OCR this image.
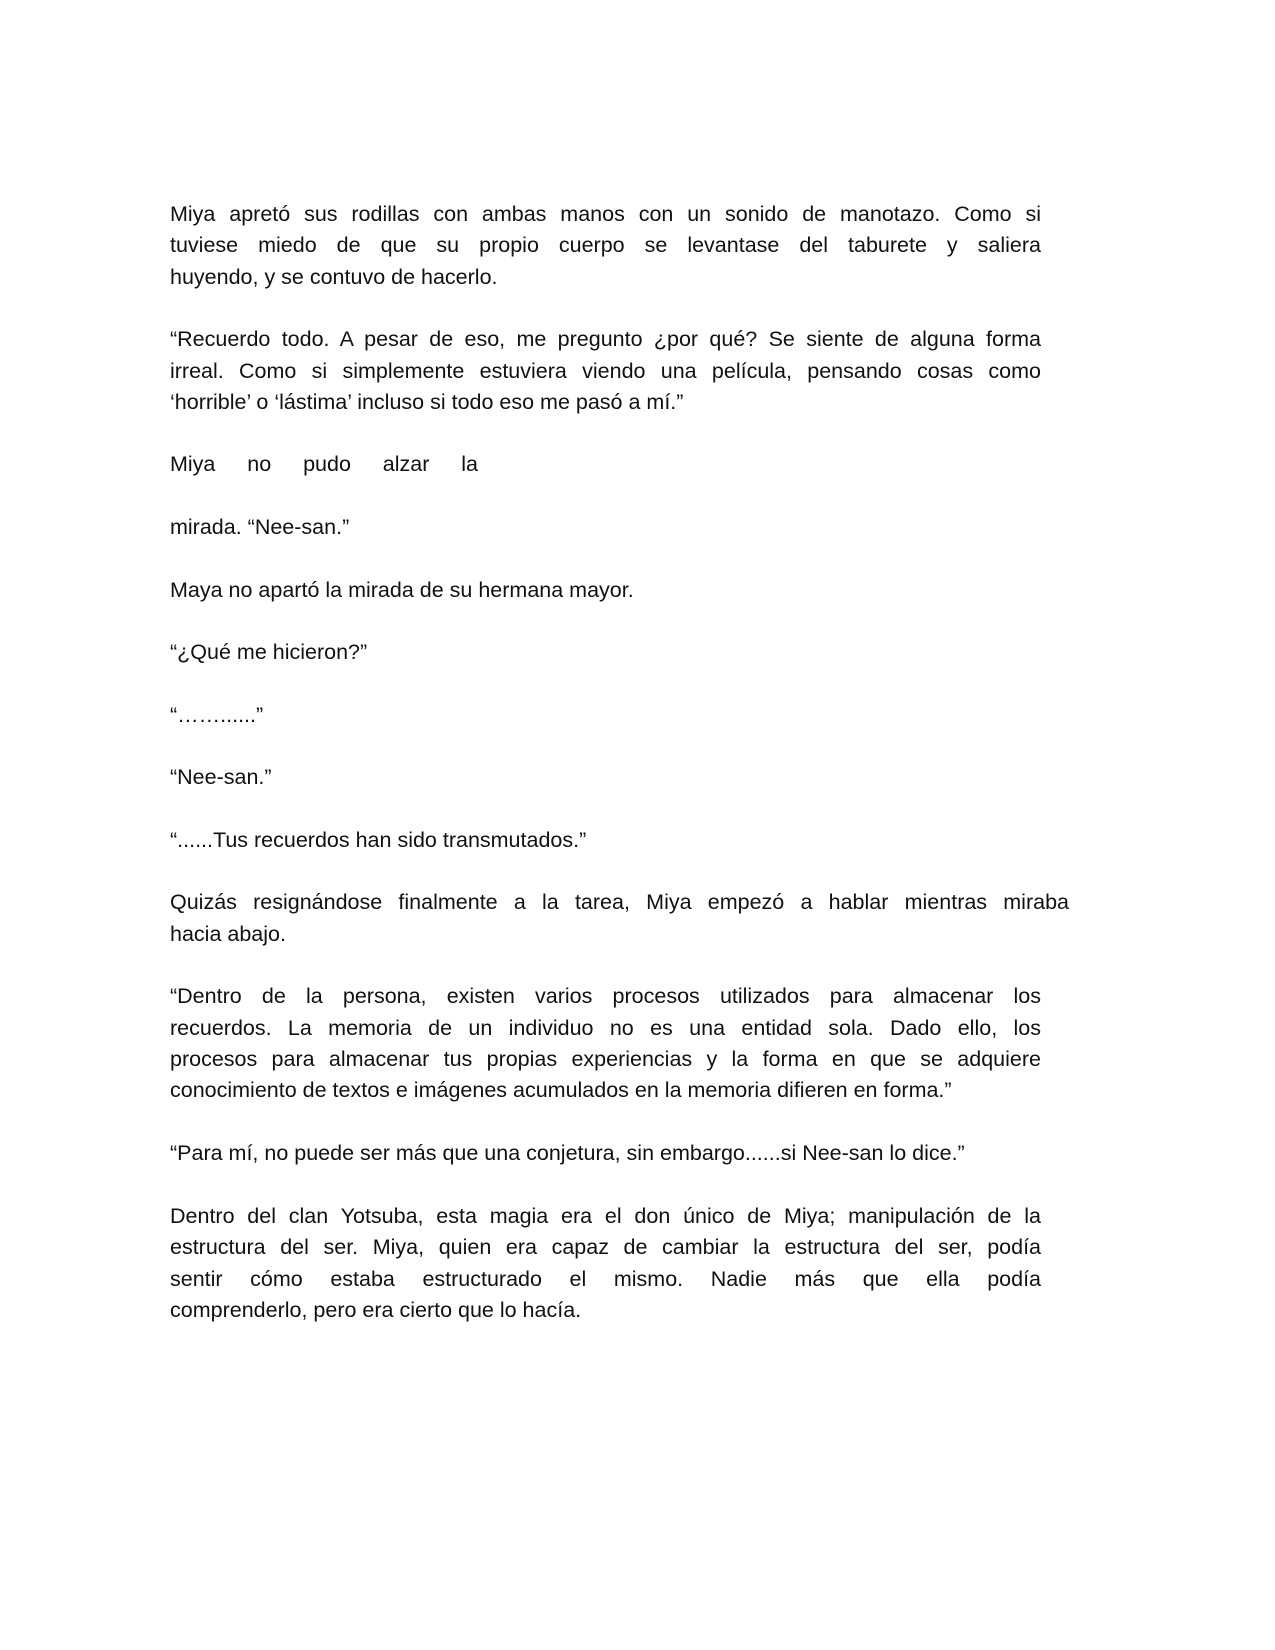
Miya apretó sus rodillas con ambas manos con un sonido de manotazo. Como si
tuviese miedo de que su propio cuerpo se levantase del taburete y saliera
huyendo, y se contuvo de hacerlo.
“Recuerdo todo. A pesar de eso, me pregunto ¿por qué? Se siente de alguna forma
irreal. Como si simplemente estuviera viendo una película, pensando cosas como
‘horrible’ o ‘lástima’ incluso si todo eso me pasó a mí.”
Miya no pudo alzar la
mirada. “Nee-san.”
Maya no apartó la mirada de su hermana mayor.
“¿Qué me hicieron?”
“……......”
“Nee-san.”
“......Tus recuerdos han sido transmutados.”
Quizás resignándose finalmente a la tarea, Miya empezó a hablar mientras miraba
hacia abajo.
“Dentro de la persona, existen varios procesos utilizados para almacenar los
recuerdos. La memoria de un individuo no es una entidad sola. Dado ello, los
procesos para almacenar tus propias experiencias y la forma en que se adquiere
conocimiento de textos e imágenes acumulados en la memoria difieren en forma.”
“Para mí, no puede ser más que una conjetura, sin embargo......si Nee-san lo dice.”
Dentro del clan Yotsuba, esta magia era el don único de Miya; manipulación de la
estructura del ser. Miya, quien era capaz de cambiar la estructura del ser, podía
sentir cómo estaba estructurado el mismo. Nadie más que ella podía
comprenderlo, pero era cierto que lo hacía.
